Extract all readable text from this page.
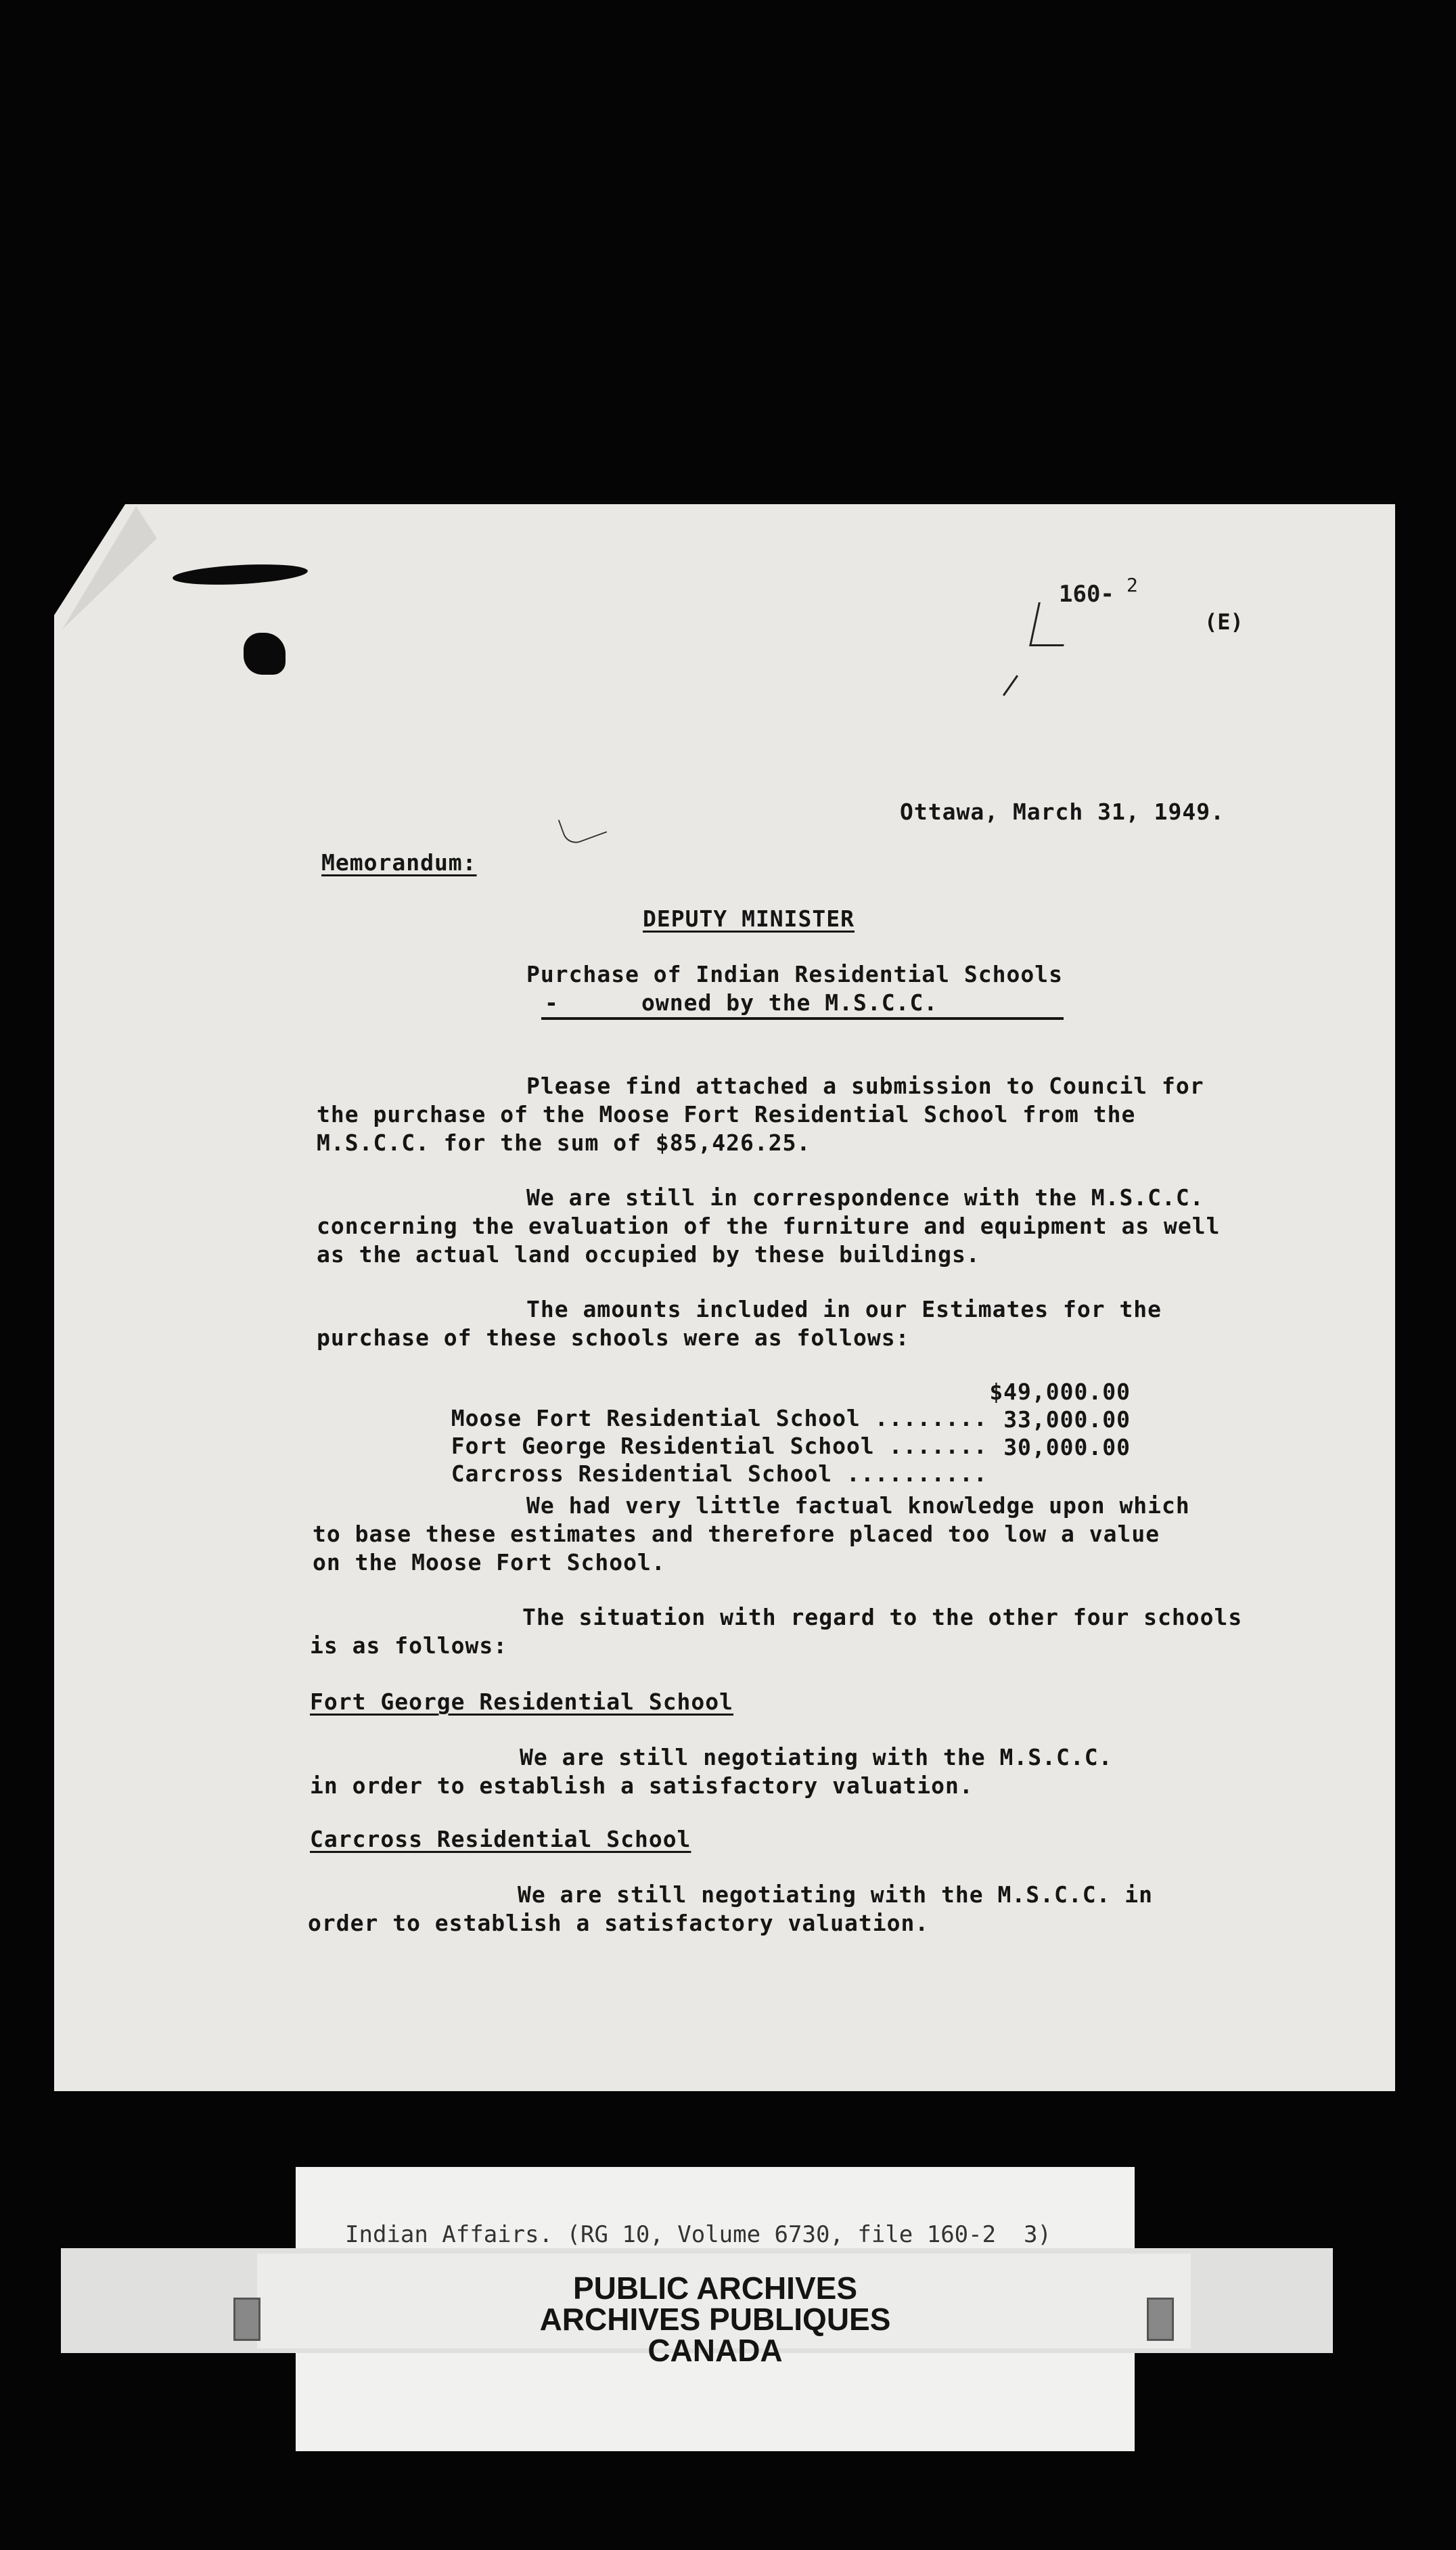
160- 2
(E)
Ottawa, March 31, 1949.
Memorandum:
DEPUTY MINISTER
Purchase of Indian Residential Schools
-	owned by the M.S.C.C.
Please find attached a submission to Council for
the purchase of the Moose Fort Residential School from the
M.S.C.C. for the sum of $85,426.25.
We are still in correspondence with the M.S.C.C.
concerning the evaluation of the furniture and equipment as well
as the actual land occupied by these buildings.
The amounts included in our Estimates for the
purchase of these schools were as follows:

Moose Fort Residential School ........

$49,000.00

Fort George Residential School .......

33,000.00

Carcross Residential School ..........

30,000.00

We had very little factual knowledge upon which
to base these estimates and therefore placed too low a value
on the Moose Fort School.
The situation with regard to the other four schools
is as follows:
Fort George Residential School
We are still negotiating with the M.S.C.C.
in order to establish a satisfactory valuation.
Carcross Residential School
We are still negotiating with the M.S.C.C. in
order to establish a satisfactory valuation.
Indian Affairs. (RG 10, Volume 6730, file 160-2  3)
PUBLIC ARCHIVES
ARCHIVES PUBLIQUES
CANADA
